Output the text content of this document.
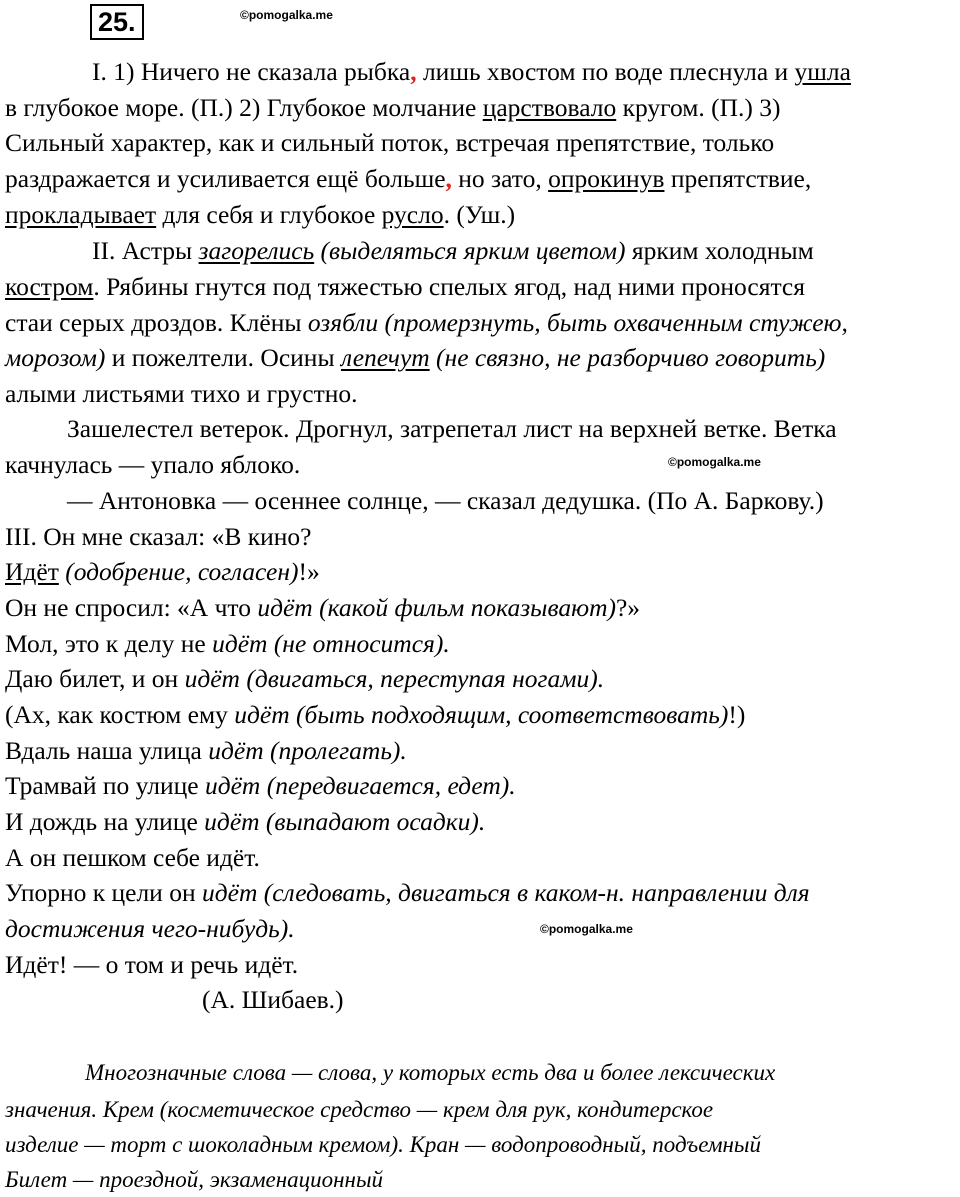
25.	©pomogalka.me
©pomogalka.me
©pomogalka.me
I. 1) Ничего не сказала рыбка, лишь хвостом по воде плеснула и ушла
в глубокое море. (П.) 2) Глубокое молчание царствовало кругом. (П.) 3)
Сильный характер, как и сильный поток, встречая препятствие, только
раздражается и усиливается ещё больше, но зато, опрокинув препятствие,
прокладывает для себя и глубокое русло. (Уш.)
II. Астры загорелись (выделяться ярким цветом) ярким холодным
костром. Рябины гнутся под тяжестью спелых ягод, над ними проносятся
стаи серых дроздов. Клёны озябли (промерзнуть, быть охваченным стужею,
морозом) и пожелтели. Осины лепечут (не связно, не разборчиво говорить)
алыми листьями тихо и грустно.
Зашелестел ветерок. Дрогнул, затрепетал лист на верхней ветке. Ветка
качнулась — упало яблоко.
— Антоновка — осеннее солнце, — сказал дедушка. (По А. Баркову.)
III. Он мне сказал: «В кино?
Идёт (одобрение, согласен)!»
Он не спросил: «А что идёт (какой фильм показывают)?»
Мол, это к делу не идёт (не относится).
Даю билет, и он идёт (двигаться, переступая ногами).
(Ах, как костюм ему идёт (быть подходящим, соответствовать)!)
Вдаль наша улица идёт (пролегать).
Трамвай по улице идёт (передвигается, едет).
И дождь на улице идёт (выпадают осадки).
А он пешком себе идёт.
Упорно к цели он идёт (следовать, двигаться в каком-н. направлении для
достижения чего-нибудь).
Идёт! — о том и речь идёт.
(А. Шибаев.)
Многозначные слова — слова, у которых есть два и более лексических
значения. Крем (косметическое средство — крем для рук, кондитерское
изделие — торт с шоколадным кремом). Кран — водопроводный, подъемный
Билет — проездной, экзаменационный
